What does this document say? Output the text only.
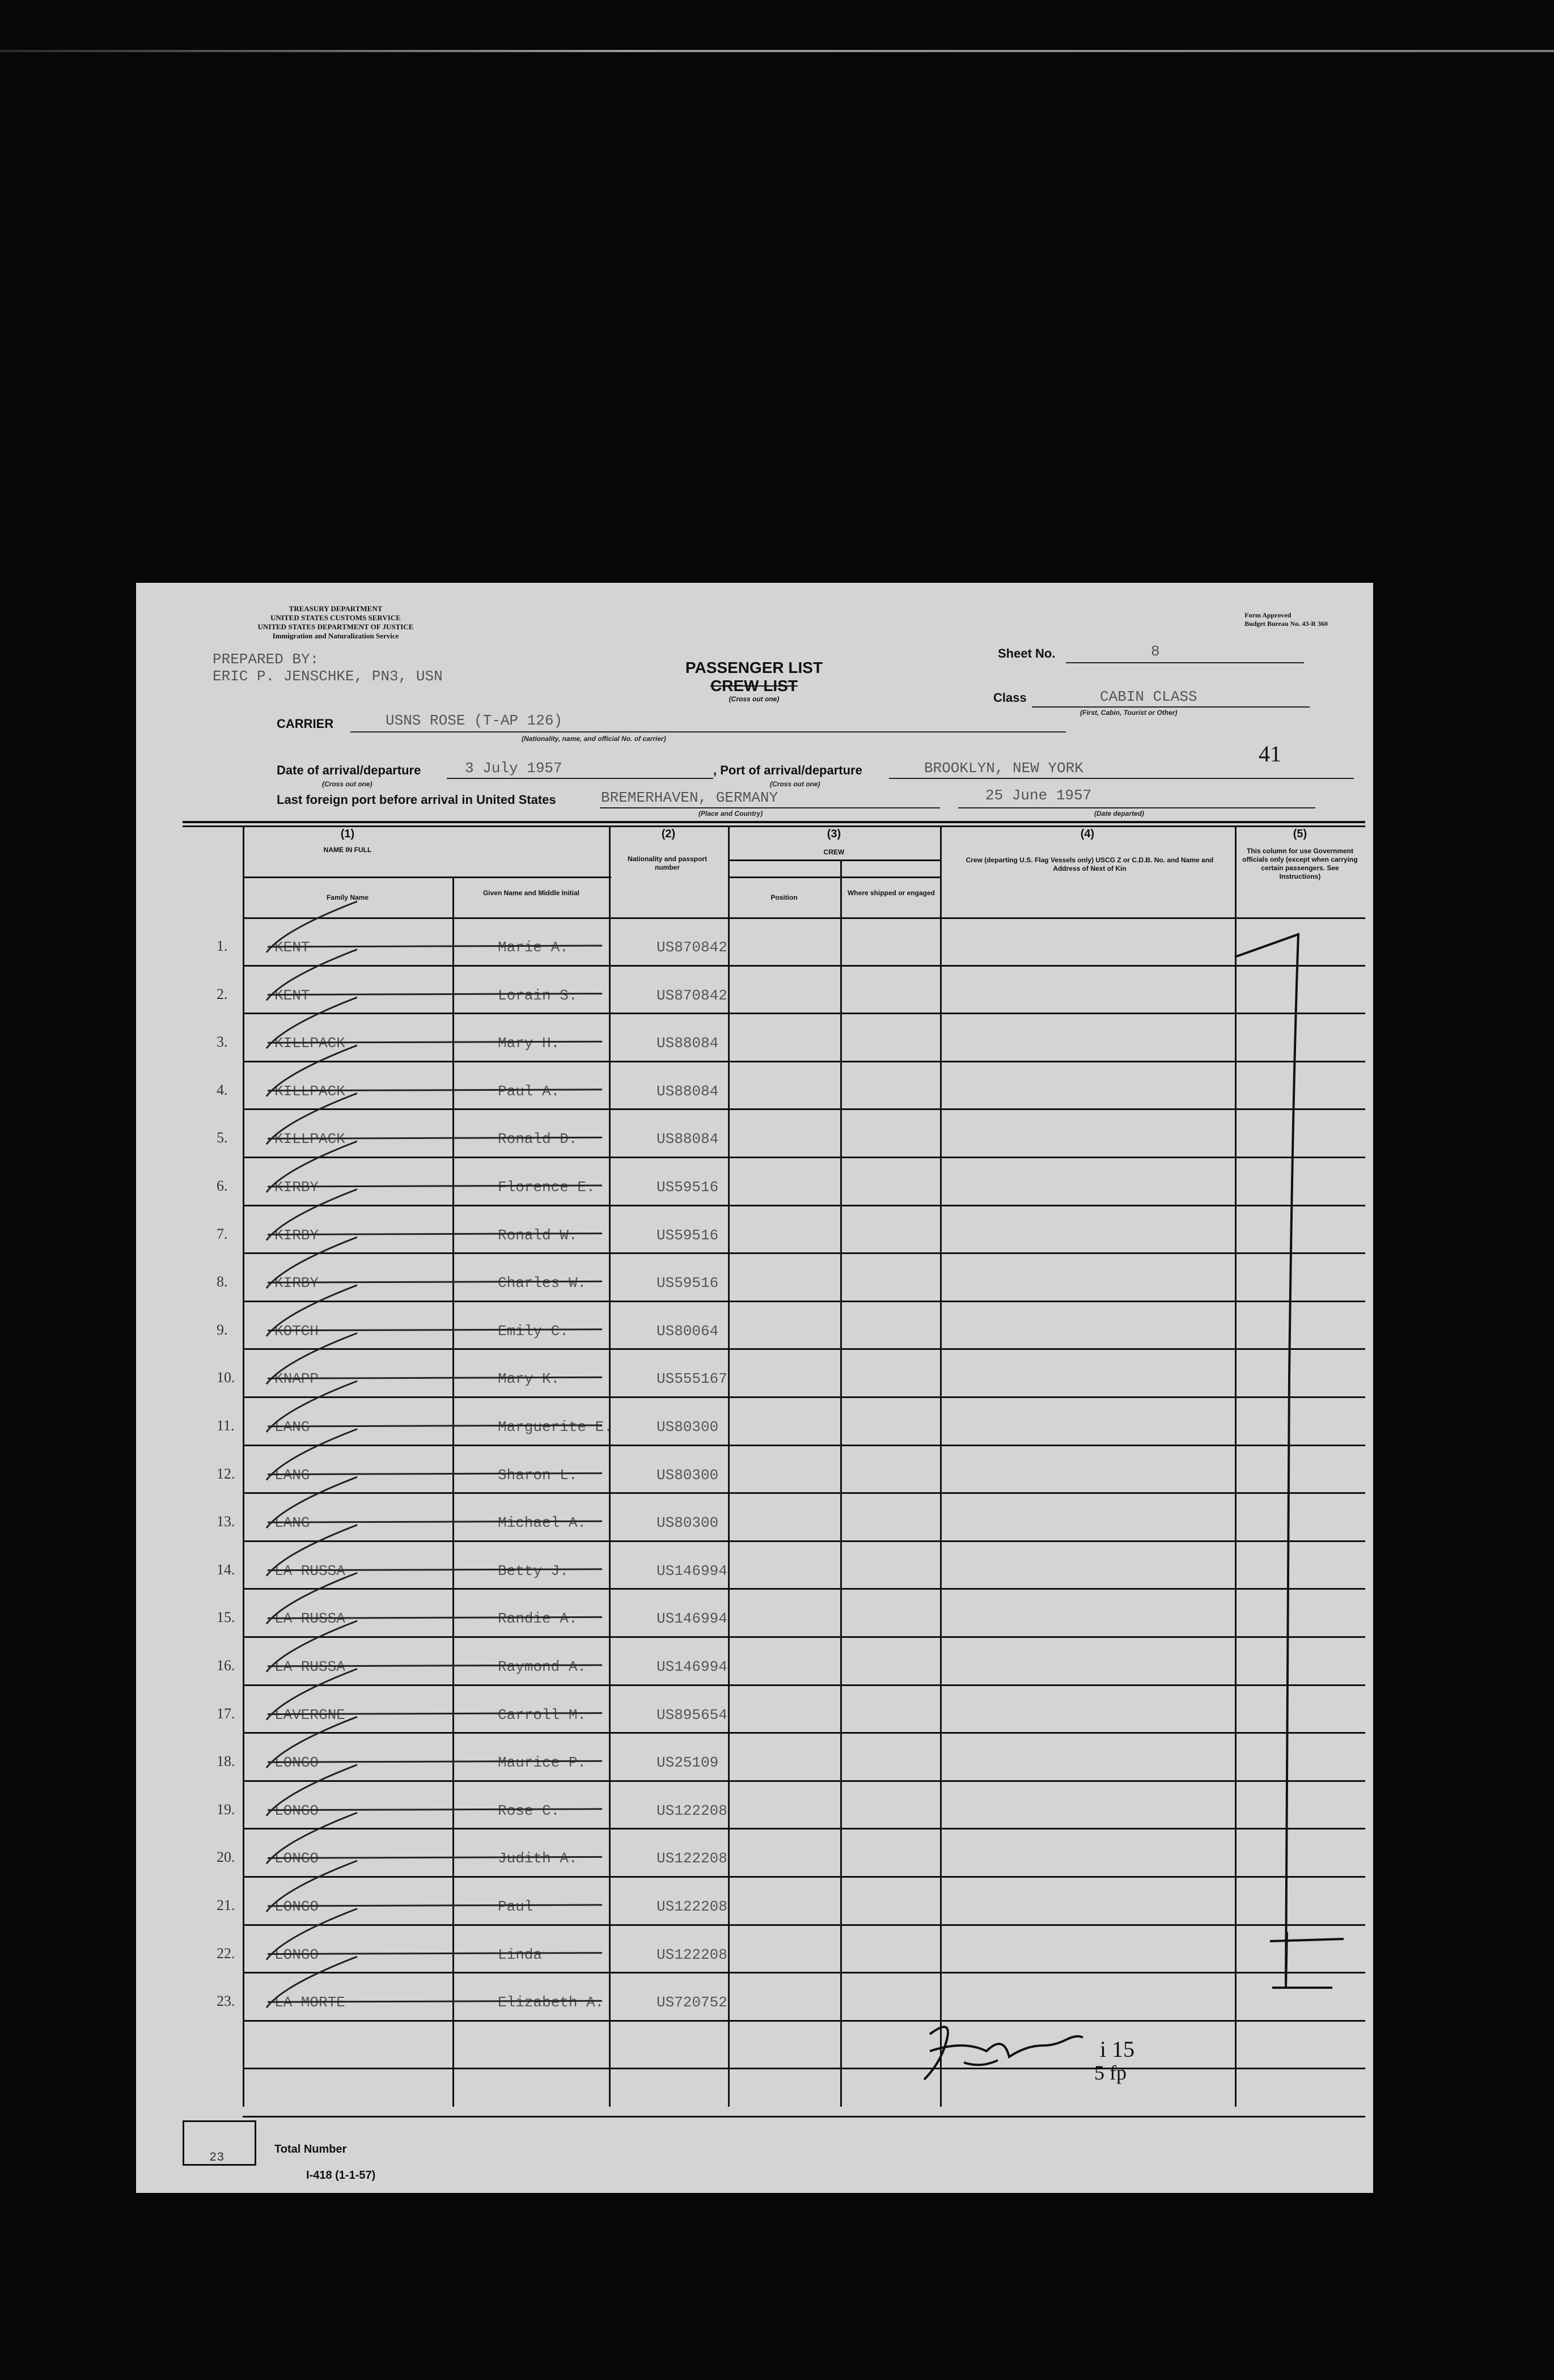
TREASURY DEPARTMENT
UNITED STATES CUSTOMS SERVICE
UNITED STATES DEPARTMENT OF JUSTICE
Immigration and Naturalization Service
PREPARED BY:
ERIC P. JENSCHKE, PN3, USN
Form Approved
Budget Bureau No. 43-R 360
PASSENGER LIST
CREW LIST
(Cross out one)
Sheet No.	8
Class	CABIN CLASS
(First, Cabin, Tourist or Other)
CARRIER	USNS ROSE (T-AP 126)
(Nationality, name, and official No. of carrier)
41
Date of arrival/departure	3 July 1957
(Cross out one)
, Port of arrival/departure	BROOKLYN, NEW YORK
(Cross out one)
Last foreign port before arrival in United States	BREMERHAVEN, GERMANY
(Place and Country)
25 June 1957
(Date departed)
(1)
NAME IN FULL
Family Name
Given Name and Middle Initial
(2)
Nationality and passport number
(3)
CREW
Position
Where shipped or engaged
(4)
Crew (departing U.S. Flag Vessels only) USCG Z or C.D.B. No. and Name and Address of Next of Kin
(5)
This column for use Government officials only (except when carrying certain passengers. See Instructions)
1.	KENT	Marie A.	US870842
2.	KENT	Lorain S.	US870842
3.	KILLPACK	Mary H.	US88084
4.	KILLPACK	Paul A.	US88084
5.	KILLPACK	Ronald D.	US88084
6.	KIRBY	Florence E.	US59516
7.	KIRBY	Ronald W.	US59516
8.	KIRBY	Charles W.	US59516
9.	KOTCH	Emily C.	US80064
10.	KNAPP	Mary K.	US555167
11.	LANG	Marguerite E.	US80300
12.	LANG	Sharon L.	US80300
13.	LANG	Michael A.	US80300
14.	LA RUSSA	Betty J.	US146994
15.	LA RUSSA	Randie A.	US146994
16.	LA RUSSA	Raymond A.	US146994
17.	LAVERGNE	Carroll M.	US895654
18.	LONGO	Maurice P.	US25109
19.	LONGO	Rose C.	US122208
20.	LONGO	Judith A.	US122208
21.	LONGO	Paul	US122208
22.	LONGO	Linda	US122208
23.	LA MORTE	Elizabeth A.	US720752
i 15
5 fp
23
Total Number
I-418 (1-1-57)
